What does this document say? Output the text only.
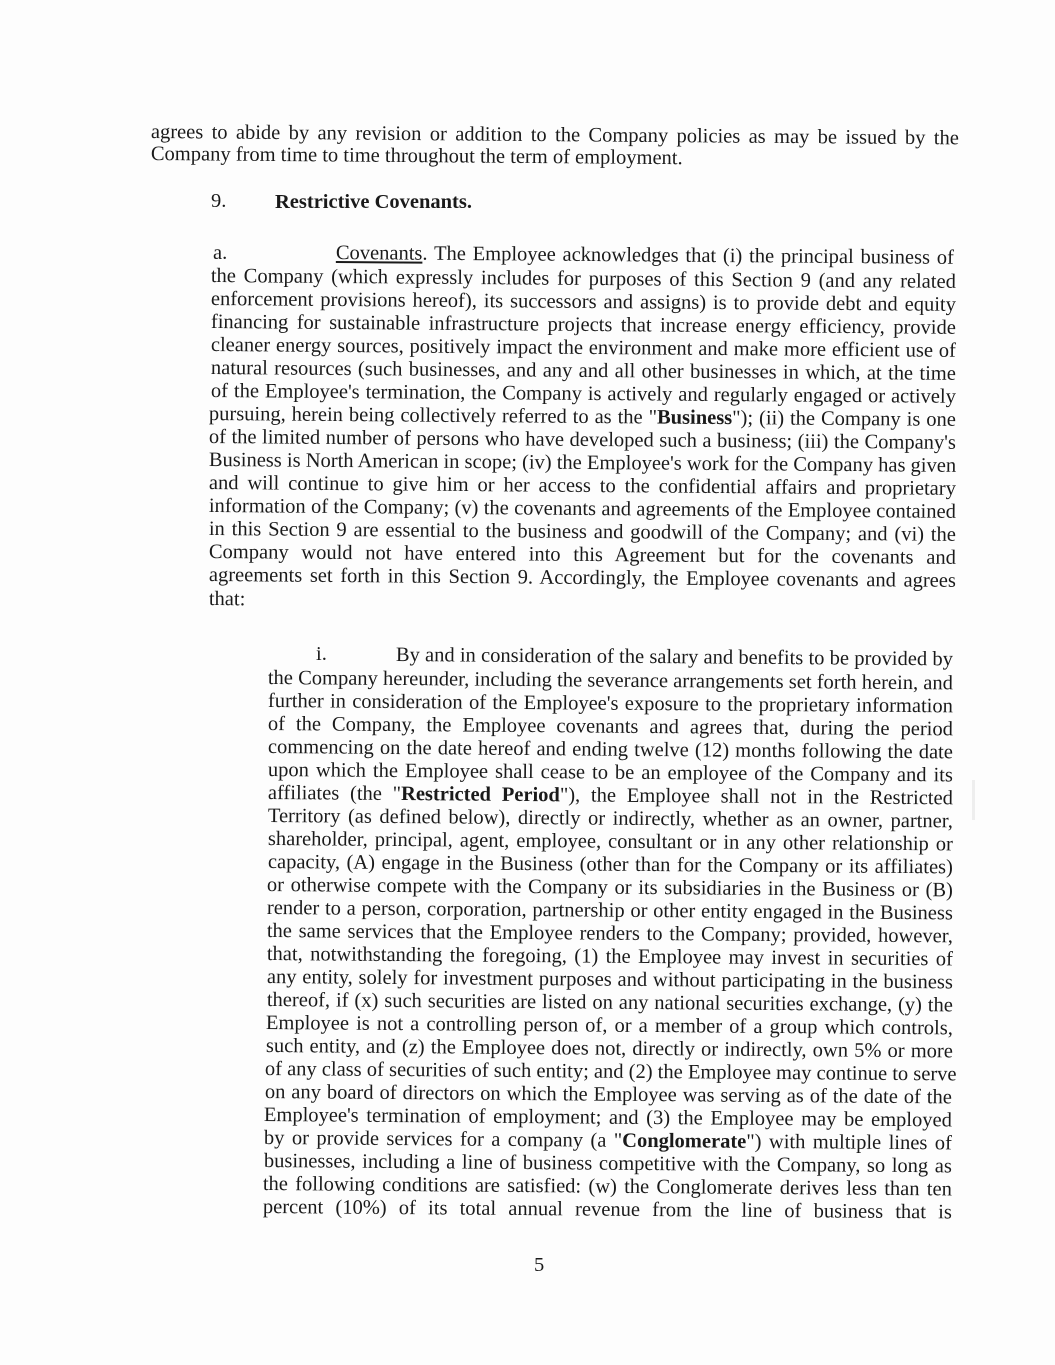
agrees to abide by any revision or addition to the Company policies as may be issued by the
Company from time to time throughout the term of employment.
9. Restrictive Covenants.
a.	Covenants. The Employee acknowledges that (i) the principal business of
the Company (which expressly includes for purposes of this Section 9 (and any related
enforcement provisions hereof), its successors and assigns) is to provide debt and equity
financing for sustainable infrastructure projects that increase energy efficiency, provide
cleaner energy sources, positively impact the environment and make more efficient use of
natural resources (such businesses, and any and all other businesses in which, at the time
of the Employee's termination, the Company is actively and regularly engaged or actively
pursuing, herein being collectively referred to as the "Business"); (ii) the Company is one
of the limited number of persons who have developed such a business; (iii) the Company's
Business is North American in scope; (iv) the Employee's work for the Company has given
and will continue to give him or her access to the confidential affairs and proprietary
information of the Company; (v) the covenants and agreements of the Employee contained
in this Section 9 are essential to the business and goodwill of the Company; and (vi) the
Company would not have entered into this Agreement but for the covenants and
agreements set forth in this Section 9. Accordingly, the Employee covenants and agrees
that:
i.	By and in consideration of the salary and benefits to be provided by
the Company hereunder, including the severance arrangements set forth herein, and
further in consideration of the Employee's exposure to the proprietary information
of the Company, the Employee covenants and agrees that, during the period
commencing on the date hereof and ending twelve (12) months following the date
upon which the Employee shall cease to be an employee of the Company and its
affiliates (the "Restricted Period"), the Employee shall not in the Restricted
Territory (as defined below), directly or indirectly, whether as an owner, partner,
shareholder, principal, agent, employee, consultant or in any other relationship or
capacity, (A) engage in the Business (other than for the Company or its affiliates)
or otherwise compete with the Company or its subsidiaries in the Business or (B)
render to a person, corporation, partnership or other entity engaged in the Business
the same services that the Employee renders to the Company; provided, however,
that, notwithstanding the foregoing, (1) the Employee may invest in securities of
any entity, solely for investment purposes and without participating in the business
thereof, if (x) such securities are listed on any national securities exchange, (y) the
Employee is not a controlling person of, or a member of a group which controls,
such entity, and (z) the Employee does not, directly or indirectly, own 5% or more
of any class of securities of such entity; and (2) the Employee may continue to serve
on any board of directors on which the Employee was serving as of the date of the
Employee's termination of employment; and (3) the Employee may be employed
by or provide services for a company (a "Conglomerate") with multiple lines of
businesses, including a line of business competitive with the Company, so long as
the following conditions are satisfied: (w) the Conglomerate derives less than ten
percent (10%) of its total annual revenue from the line of business that is
5
